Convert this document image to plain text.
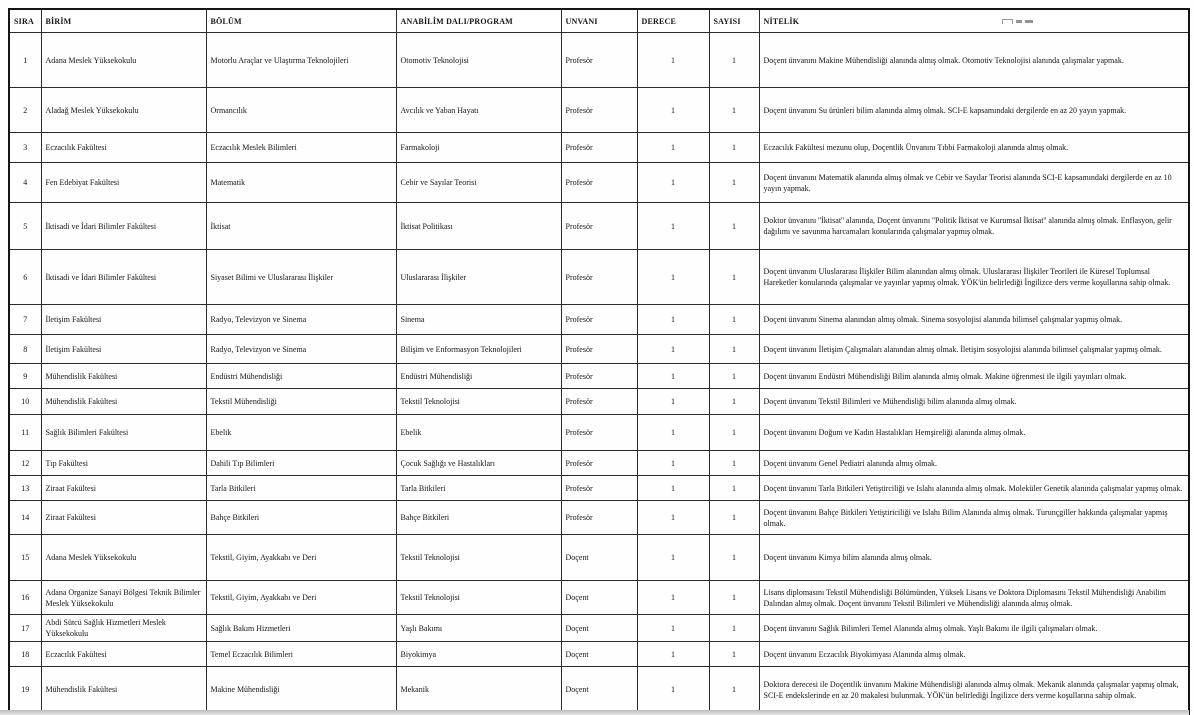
SIRA	BİRİM	BÖLÜM	ANABİLİM DALI/PROGRAM	UNVANI	DERECE	SAYISI	NİTELİK
1	Adana Meslek Yüksekokulu	Motorlu Araçlar ve Ulaştırma Teknolojileri	Otomotiv Teknolojisi	Profesör	1	1	Doçent ünvanını Makine Mühendisliği alanında almış olmak. Otomotiv Teknolojisi alanında çalışmalar yapmak.
2	Aladağ Meslek Yüksekokulu	Ormancılık	Avcılık ve Yaban Hayatı	Profesör	1	1	Doçent ünvanını Su ürünleri bilim alanında almış olmak. SCI-E kapsamındaki dergilerde en az 20 yayın yapmak.
3	Eczacılık Fakültesi	Eczacılık Meslek Bilimleri	Farmakoloji	Profesör	1	1	Eczacılık Fakültesi mezunu olup, Doçentlik Ünvanını Tıbbi Farmakoloji alanında almış olmak.
4	Fen Edebiyat Fakültesi	Matematik	Cebir ve Sayılar Teorisi	Profesör	1	1	Doçent ünvanını Matematik alanında almış olmak ve Cebir ve Sayılar Teorisi alanında SCI-E kapsamındaki dergilerde en az 10 yayın yapmak.
5	İktisadi ve İdari Bilimler Fakültesi	İktisat	İktisat Politikası	Profesör	1	1	Doktor ünvanını ''İktisat'' alanında, Doçent ünvanını ''Politik İktisat ve Kurumsal İktisat'' alanında almış olmak. Enflasyon, gelir dağılımı ve savunma harcamaları konularında çalışmalar yapmış olmak.
6	İktisadi ve İdari Bilimler Fakültesi	Siyaset Bilimi ve Uluslararası İlişkiler	Uluslararası İlişkiler	Profesör	1	1	Doçent ünvanını Uluslararası İlişkiler Bilim alanından almış olmak. Uluslararası İlişkiler Teorileri ile Küresel Toplumsal Hareketler konularında çalışmalar ve yayınlar yapmış olmak. YÖK'ün belirlediği İngilizce ders verme koşullarına sahip olmak.
7	İletişim Fakültesi	Radyo, Televizyon ve Sinema	Sinema	Profesör	1	1	Doçent ünvanını Sinema alanından almış olmak. Sinema sosyolojisi alanında bilimsel çalışmalar yapmış olmak.
8	İletişim Fakültesi	Radyo, Televizyon ve Sinema	Bilişim ve Enformasyon Teknolojileri	Profesör	1	1	Doçent ünvanını İletişim Çalışmaları alanından almış olmak. İletişim sosyolojisi alanında bilimsel çalışmalar yapmış olmak.
9	Mühendislik Fakültesi	Endüstri Mühendisliği	Endüstri Mühendisliği	Profesör	1	1	Doçent ünvanını Endüstri Mühendisliği Bilim alanında almış olmak. Makine öğrenmesi ile ilgili yayınları olmak.
10	Mühendislik Fakültesi	Tekstil Mühendisliği	Tekstil Teknolojisi	Profesör	1	1	Doçent ünvanını Tekstil Bilimleri ve Mühendisliği bilim alanında almış olmak.
11	Sağlık Bilimleri Fakültesi	Ebelik	Ebelik	Profesör	1	1	Doçent ünvanını Doğum ve Kadın Hastalıkları Hemşireliği alanında almış olmak.
12	Tıp Fakültesi	Dahili Tıp Bilimleri	Çocuk Sağlığı ve Hastalıkları	Profesör	1	1	Doçent ünvanını Genel Pediatri alanında almış olmak.
13	Ziraat Fakültesi	Tarla Bitkileri	Tarla Bitkileri	Profesör	1	1	Doçent ünvanını Tarla Bitkileri Yetiştirciliği ve Islahı alanında almış olmak. Moleküler Genetik alanında çalışmalar yapmış olmak.
14	Ziraat Fakültesi	Bahçe Bitkileri	Bahçe Bitkileri	Profesör	1	1	Doçent ünvanını Bahçe Bitkileri Yetiştiriciliği ve Islahı Bilim Alanında almış olmak. Turunçgiller hakkında çalışmalar yapmış olmak.
15	Adana Meslek Yüksekokulu	Tekstil, Giyim, Ayakkabı ve Deri	Tekstil Teknolojisi	Doçent	1	1	Doçent ünvanını Kimya bilim alanında almış olmak.
16	Adana Organize Sanayi Bölgesi Teknik Bilimler Meslek Yüksekokulu	Tekstil, Giyim, Ayakkabı ve Deri	Tekstil Teknolojisi	Doçent	1	1	Lisans diplomasını Tekstil Mühendisliği Bölümünden, Yüksek Lisans ve Doktora Diplomasını Tekstil Mühendisliği Anabilim Dalından almış olmak. Doçent ünvanını Tekstil Bilimleri ve Mühendisliği alanında almış olmak.
17	Abdi Sütcü Sağlık Hizmetleri Meslek Yüksekokulu	Sağlık Bakım Hizmetleri	Yaşlı Bakımı	Doçent	1	1	Doçent ünvanını Sağlık Bilimleri Temel Alanında almış olmak. Yaşlı Bakımı ile ilgili çalışmaları olmak.
18	Eczacılık Fakültesi	Temel Eczacılık Bilimleri	Biyokimya	Doçent	1	1	Doçent ünvanını Eczacılık Biyokimyası Alanında almış olmak.
19	Mühendislik Fakültesi	Makine Mühendisliği	Mekanik	Doçent	1	1	Doktora derecesi ile Doçentlik ünvanını Makine Mühendisliği alanında almış olmak. Mekanik alanında çalışmalar yapmış olmak, SCI-E endekslerinde en az 20 makalesi bulunmak. YÖK'ün belirlediği İngilizce ders verme koşullarına sahip olmak.
